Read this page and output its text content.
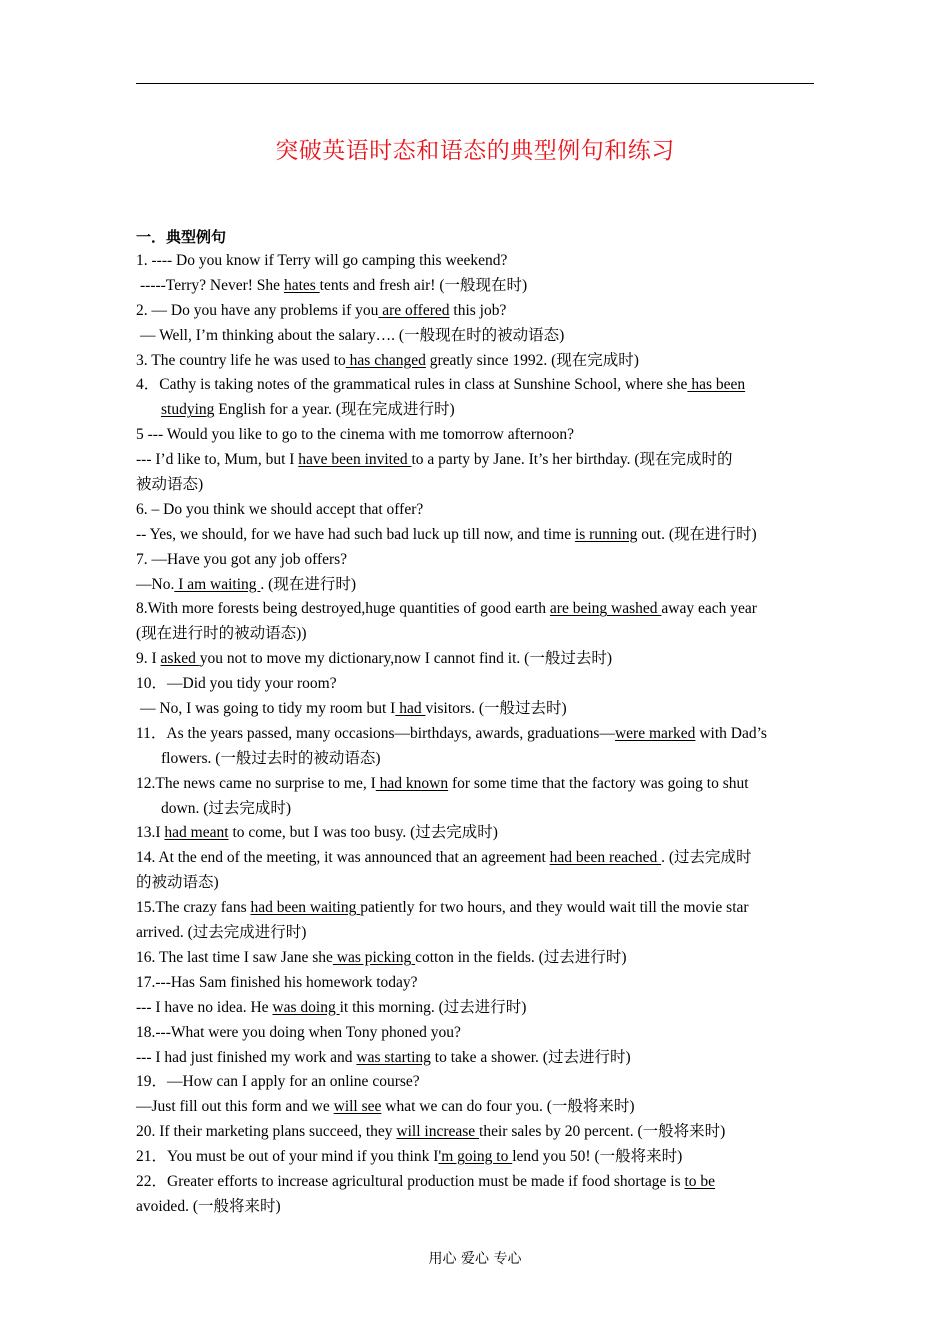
突破英语时态和语态的典型例句和练习
一．典型例句
1. ---- Do you know if Terry will go camping this weekend?
-----Terry? Never! She hates tents and fresh air! (一般现在时)
2. — Do you have any problems if you are offered this job?
— Well, I’m thinking about the salary…. (一般现在时的被动语态)
3. The country life he was used to has changed greatly since 1992. (现在完成时)
4．Cathy is taking notes of the grammatical rules in class at Sunshine School, where she has been
studying English for a year. (现在完成进行时)
5 --- Would you like to go to the cinema with me tomorrow afternoon?
--- I’d like to, Mum, but I have been invited to a party by Jane. It’s her birthday. (现在完成时的
被动语态)
6. – Do you think we should accept that offer?
-- Yes, we should, for we have had such bad luck up till now, and time is running out. (现在进行时)
7. —Have you got any job offers?
—No. I am waiting . (现在进行时)
8.With more forests being destroyed,huge quantities of good earth are being washed away each year
(现在进行时的被动语态))
9. I asked you not to move my dictionary,now I cannot find it. (一般过去时)
10．—Did you tidy your room?
— No, I was going to tidy my room but I had visitors. (一般过去时)
11．As the years passed, many occasions—birthdays, awards, graduations—were marked with Dad’s
flowers. (一般过去时的被动语态)
12.The news came no surprise to me, I had known for some time that the factory was going to shut
down. (过去完成时)
13.I had meant to come, but I was too busy. (过去完成时)
14. At the end of the meeting, it was announced that an agreement had been reached . (过去完成时
的被动语态)
15.The crazy fans had been waiting patiently for two hours, and they would wait till the movie star
arrived. (过去完成进行时)
16. The last time I saw Jane she was picking cotton in the fields. (过去进行时)
17.---Has Sam finished his homework today?
--- I have no idea. He was doing it this morning. (过去进行时)
18.---What were you doing when Tony phoned you?
--- I had just finished my work and was starting to take a shower. (过去进行时)
19．—How can I apply for an online course?
—Just fill out this form and we will see what we can do four you. (一般将来时)
20. If their marketing plans succeed, they will increase their sales by 20 percent. (一般将来时)
21．You must be out of your mind if you think I'm going to lend you 50! (一般将来时)
22．Greater efforts to increase agricultural production must be made if food shortage is to be
avoided. (一般将来时)
用心 爱心 专心
